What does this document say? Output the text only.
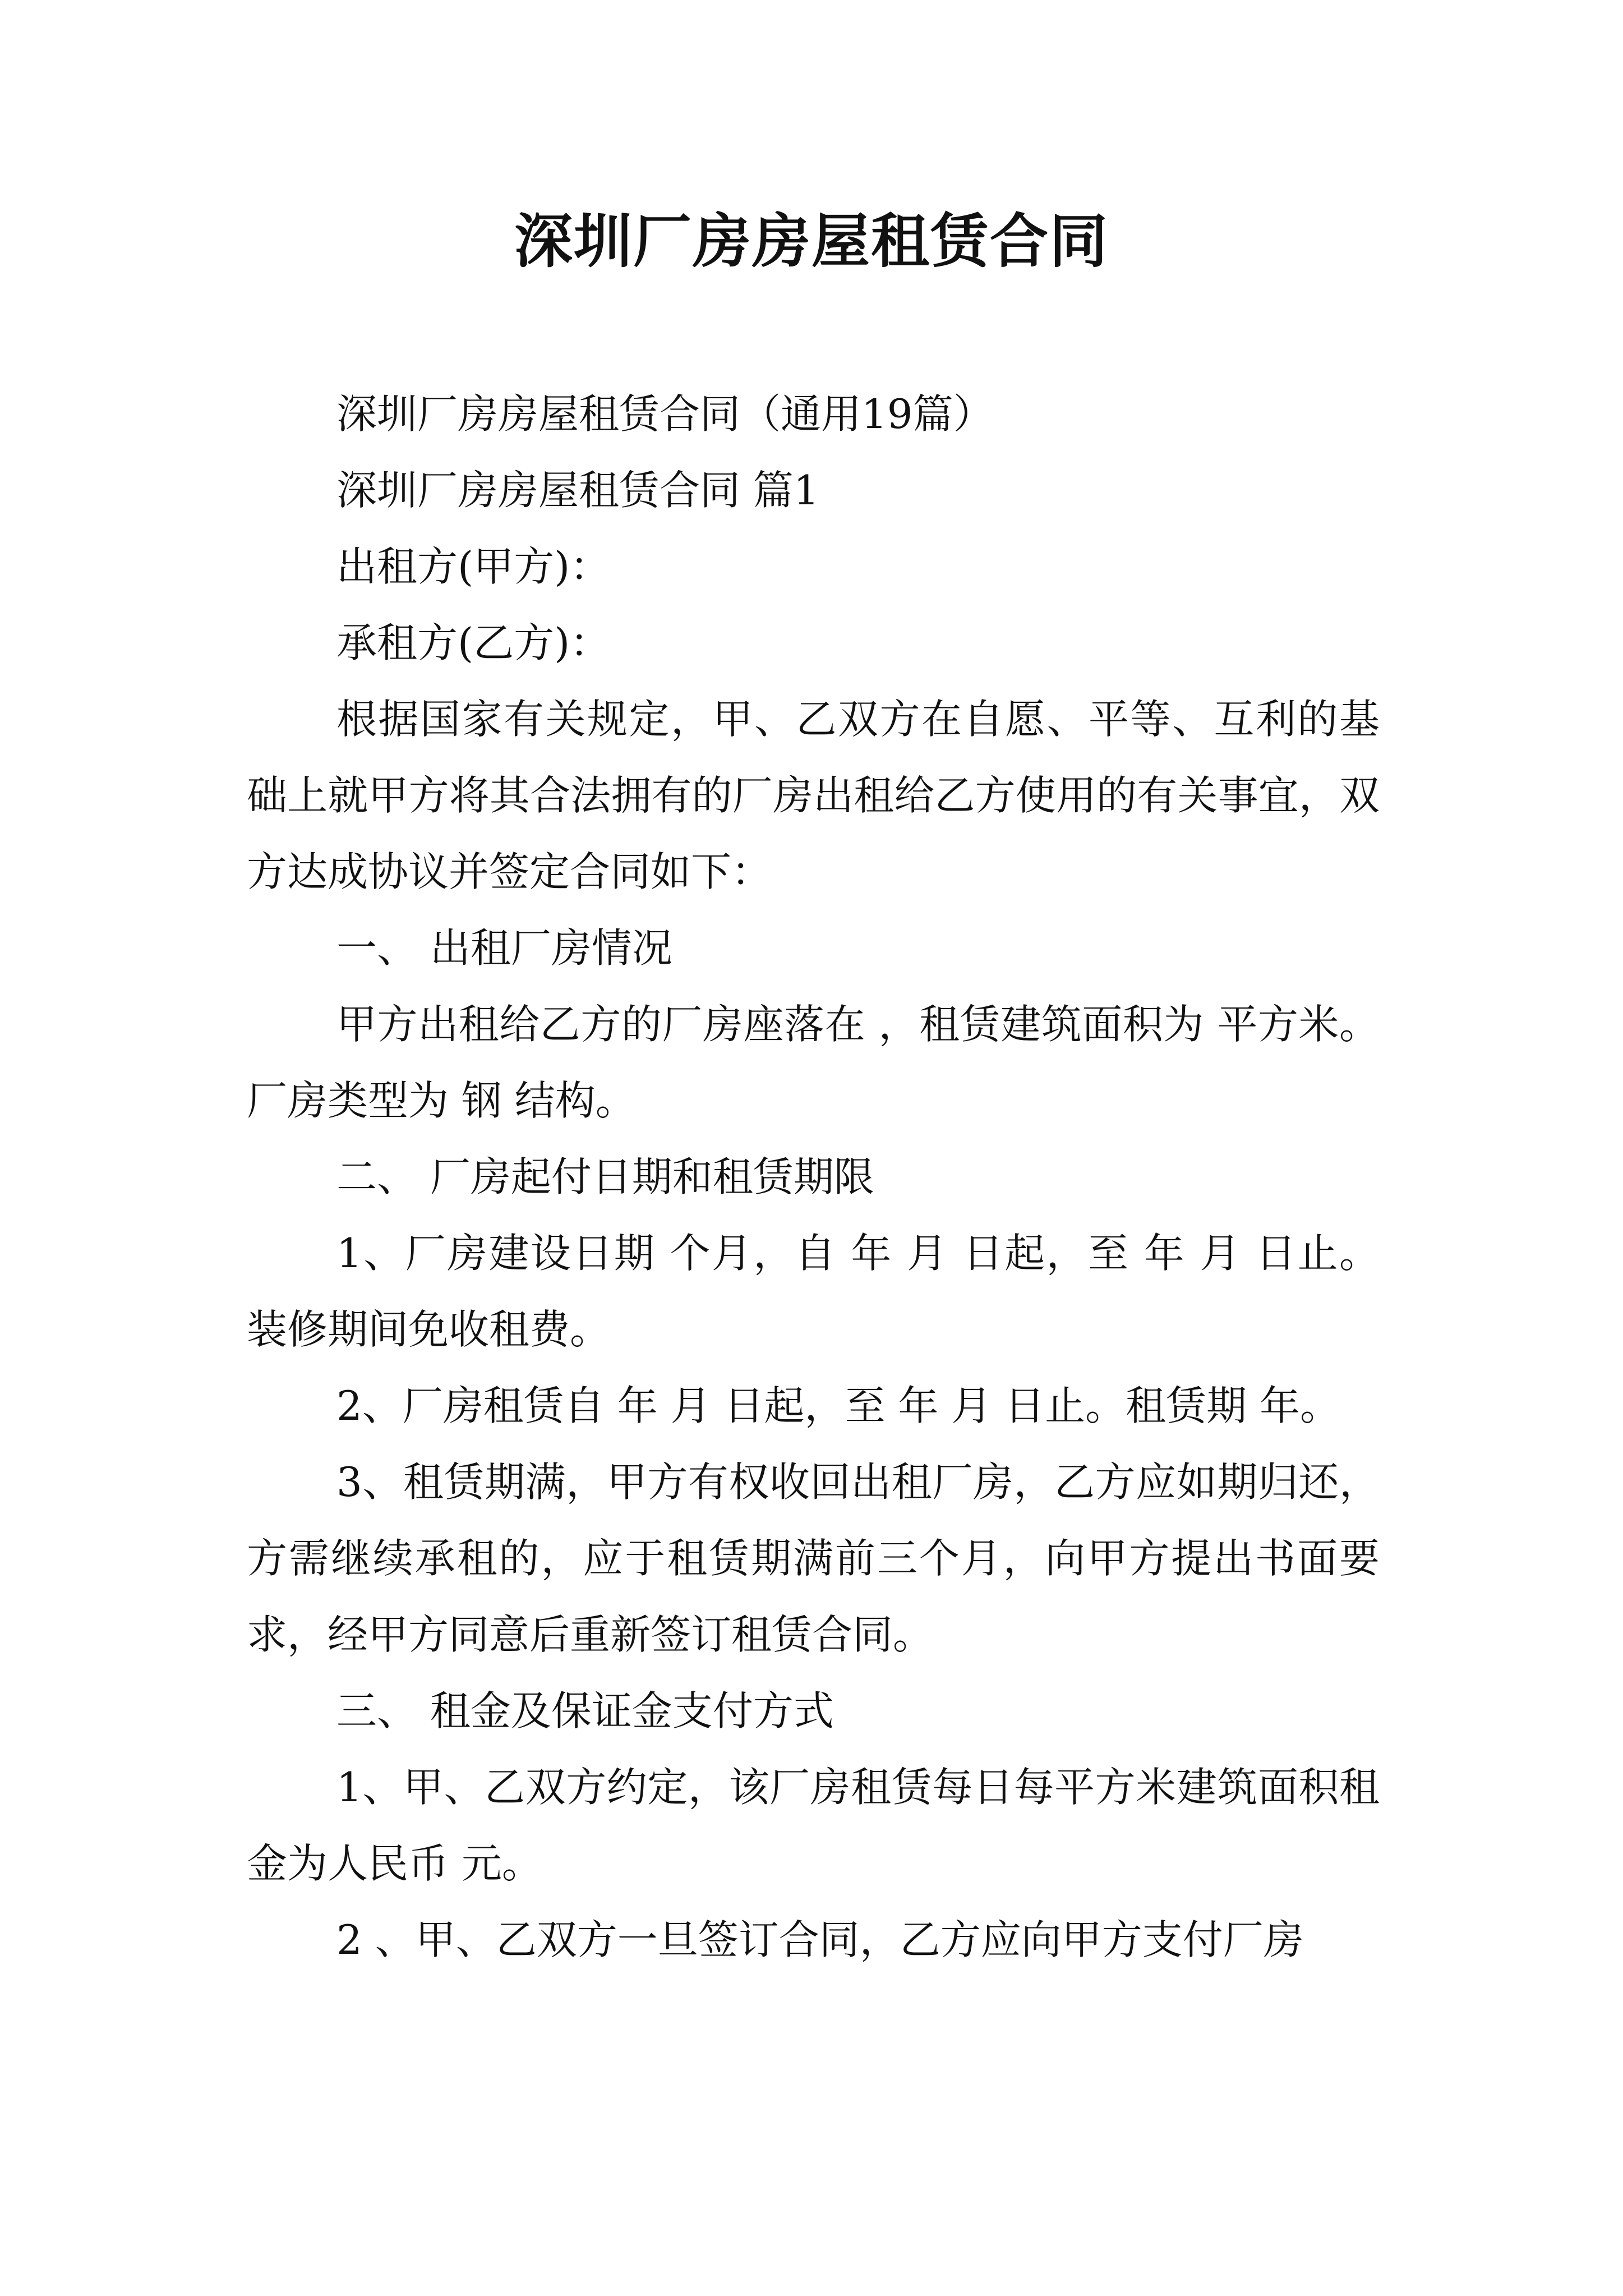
深圳厂房房屋租赁合同

深圳厂房房屋租赁合同（通用19篇）

深圳厂房房屋租赁合同 篇1

出租方(甲方)：

承租方(乙方)：

根据国家有关规定，甲、乙双方在自愿、平等、互利的基础上就甲方将其合法拥有的厂房出租给乙方使用的有关事宜，双方达成协议并签定合同如下：

一、 出租厂房情况

甲方出租给乙方的厂房座落在 ，租赁建筑面积为 平方米。厂房类型为 钢 结构。

二、 厂房起付日期和租赁期限

1、厂房建设日期 个月，自 年 月 日起，至 年 月 日止。装修期间免收租费。

2、厂房租赁自 年 月 日起，至 年 月 日止。租赁期 年。

3、租赁期满，甲方有权收回出租厂房，乙方应如期归还， 方需继续承租的，应于租赁期满前三个月，向甲方提出书面要求，经甲方同意后重新签订租赁合同。

三、 租金及保证金支付方式

1、甲、乙双方约定，该厂房租赁每日每平方米建筑面积租金为人民币 元。

2 、甲、乙双方一旦签订合同，乙方应向甲方支付厂房
